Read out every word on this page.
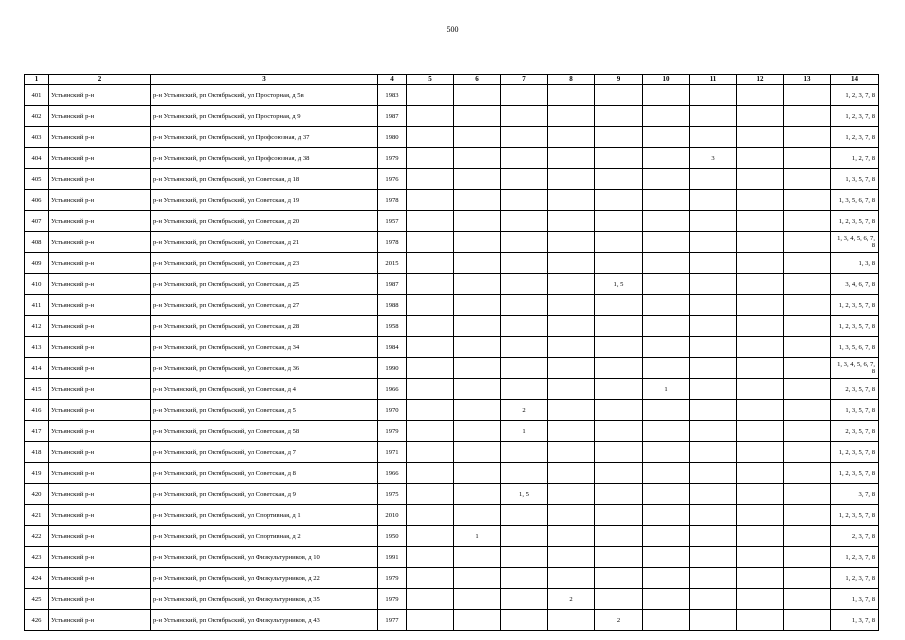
500
1	2	3	4	5	6	7	8	9	10	11	12	13	14
401	Устьянский р-н	р-н Устьянский, рп Октябрьский, ул Просторная, д 5в	1983										1, 2, 3, 7, 8
402	Устьянский р-н	р-н Устьянский, рп Октябрьский, ул Просторная, д 9	1987										1, 2, 3, 7, 8
403	Устьянский р-н	р-н Устьянский, рп Октябрьский, ул Профсоюзная, д 37	1980										1, 2, 3, 7, 8
404	Устьянский р-н	р-н Устьянский, рп Октябрьский, ул Профсоюзная, д 38	1979							3			1, 2, 7, 8
405	Устьянский р-н	р-н Устьянский, рп Октябрьский, ул Советская, д 18	1976										1, 3, 5, 7, 8
406	Устьянский р-н	р-н Устьянский, рп Октябрьский, ул Советская, д 19	1978										1, 3, 5, 6, 7, 8
407	Устьянский р-н	р-н Устьянский, рп Октябрьский, ул Советская, д 20	1957										1, 2, 3, 5, 7, 8
408	Устьянский р-н	р-н Устьянский, рп Октябрьский, ул Советская, д 21	1978										1, 3, 4, 5, 6, 7, 8
409	Устьянский р-н	р-н Устьянский, рп Октябрьский, ул Советская, д 23	2015										1, 3, 8
410	Устьянский р-н	р-н Устьянский, рп Октябрьский, ул Советская, д 25	1987					1, 5					3, 4, 6, 7, 8
411	Устьянский р-н	р-н Устьянский, рп Октябрьский, ул Советская, д 27	1988										1, 2, 3, 5, 7, 8
412	Устьянский р-н	р-н Устьянский, рп Октябрьский, ул Советская, д 28	1958										1, 2, 3, 5, 7, 8
413	Устьянский р-н	р-н Устьянский, рп Октябрьский, ул Советская, д 34	1984										1, 3, 5, 6, 7, 8
414	Устьянский р-н	р-н Устьянский, рп Октябрьский, ул Советская, д 36	1990										1, 3, 4, 5, 6, 7, 8
415	Устьянский р-н	р-н Устьянский, рп Октябрьский, ул Советская, д 4	1966						1				2, 3, 5, 7, 8
416	Устьянский р-н	р-н Устьянский, рп Октябрьский, ул Советская, д 5	1970			2							1, 3, 5, 7, 8
417	Устьянский р-н	р-н Устьянский, рп Октябрьский, ул Советская, д 58	1979			1							2, 3, 5, 7, 8
418	Устьянский р-н	р-н Устьянский, рп Октябрьский, ул Советская, д 7	1971										1, 2, 3, 5, 7, 8
419	Устьянский р-н	р-н Устьянский, рп Октябрьский, ул Советская, д 8	1966										1, 2, 3, 5, 7, 8
420	Устьянский р-н	р-н Устьянский, рп Октябрьский, ул Советская, д 9	1975			1, 5							3, 7, 8
421	Устьянский р-н	р-н Устьянский, рп Октябрьский, ул Спортивная, д 1	2010										1, 2, 3, 5, 7, 8
422	Устьянский р-н	р-н Устьянский, рп Октябрьский, ул Спортивная, д 2	1950		1								2, 3, 7, 8
423	Устьянский р-н	р-н Устьянский, рп Октябрьский, ул Физкультурников, д 10	1991										1, 2, 3, 7, 8
424	Устьянский р-н	р-н Устьянский, рп Октябрьский, ул Физкультурников, д 22	1979										1, 2, 3, 7, 8
425	Устьянский р-н	р-н Устьянский, рп Октябрьский, ул Физкультурников, д 35	1979				2						1, 3, 7, 8
426	Устьянский р-н	р-н Устьянский, рп Октябрьский, ул Физкультурников, д 43	1977					2					1, 3, 7, 8
